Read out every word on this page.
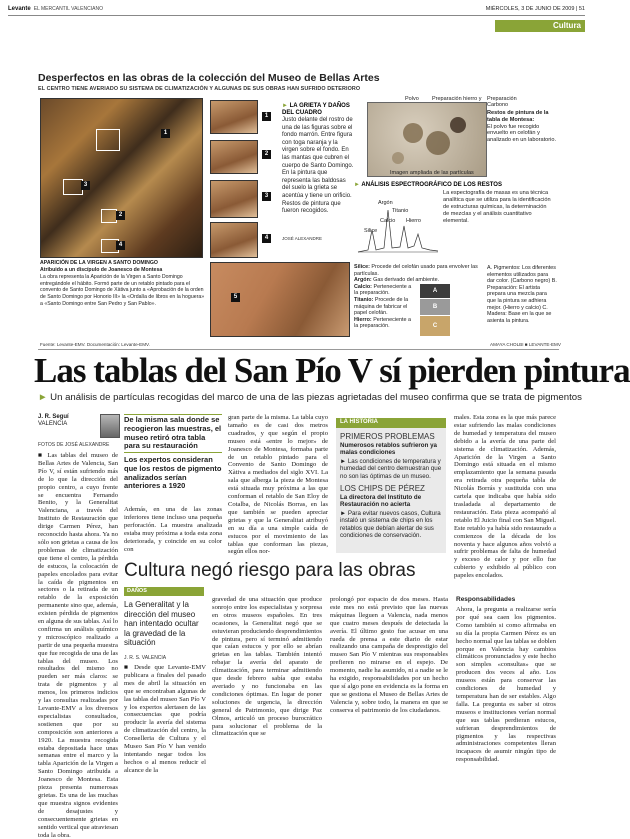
Levante EL MERCANTIL VALENCIANO	MIÉRCOLES, 3 DE JUNIO DE 2009 | 51
Cultura
Desperfectos en las obras de la colección del Museo de Bellas Artes
EL CENTRO TIENE AVERIADO SU SISTEMA DE CLIMATIZACIÓN Y ALGUNAS DE SUS OBRAS HAN SUFRIDO DETERIORO
1
3
2
4
APARICIÓN DE LA VIRGEN A SANTO DOMINGO
Atribuido a un discípulo de Joanesco de Montesa
La obra representa la Aparición de la Virgen a Santo Domingo entregándole el hábito. Formó parte de un retablo pintado para el convento de Santo Domingo de Xàtiva junto a «Aprobación de la orden de Santo Domingo por Honorio III» la «Ordalía de libros en la hoguera» a «Santo Domingo entre San Pedro y San Pablo».
1
2
3
4
► LA GRIETA Y DAÑOS
DEL CUADRO
Justo delante del rostro de una de las figuras sobre el fondo marrón. Entre figura con toga naranja y la virgen sobre el fondo. En las mantas que cubren el cuerpo de Santo Domingo. En la pintura que representa las baldosas del suelo la grieta se acentúa y tiene un orificio. Restos de pintura que fueron recogidos.
JOSÉ ALEXANDRE
Polvo Preparación hierro y Preparación Carbono
Imagen ampliada de las partículas
Restos de pintura de la tabla de Montesa:
El polvo fue recogido envuelto en celofán y analizado en un laboratorio.
► ANÁLISIS ESPECTROGRÁFICO DE LOS RESTOS
Argón
Titanio
Calcio Hierro
Silice
La espectografía de masas es una técnica analítica que se utiliza para la identificación de estructuras químicas, la determinación de mezclas y el análisis cuantitativo elemental.
5

Silice: Procede del celofán usado para envolver las partículas.

Argón: Gas derivado del ambiente.

Calcio: Perteneciente a la preparación.

Titanio: Procede de la máquina de fabricar el papel celofán.

Hierro: Perteneciente a la preparación.

A
B
C
A. Pigmentos: Los diferentes elementos utilizados para dar color. (Carbono negro) B. Preparación: El artista prepara una mezcla para que la pintura se adhiera mejor. (Hierro y calcio) C. Madera: Base en la que se asienta la pintura.
Fuente: Levante-EMV. Documentación: Levante-EMV.	AMAYA CHOLBI ■ LEVANTE-EMV
Las tablas del San Pío V sí pierden pintura
► Un análisis de partículas recogidas del marco de una de las piezas agrietadas del museo confirma que se trata de pigmentos
J. R. Seguí
VALENCIA
FOTOS DE JOSÉ ALEXANDRE
■ Las tablas del museo de Bellas Artes de Valencia, San Pío V, sí están sufriendo más de lo que la dirección del propio centro, a cuyo frente se encuentra Fernando Benito, y la Generalitat Valenciana, a través del Instituto de Restauración que dirige Carmen Pérez, han reconocido hasta ahora. Ya no sólo son grietas a causa de los problemas de climatización que tiene el centro, la pérdida de estucos, la colocación de papeles encolados para evitar la caída de pigmentos en sectores o la retirada de un retablo de la exposición permanente sino que, además, existen pérdida de pigmentos en alguna de sus tablas. Así lo confirma un análisis químico y microscópico realizado a partir de una pequeña muestra que fue recogida de una de las tablas del museo. Los resultados del mismo no pueden ser más claros: se trata de pigmentos y al menos, los primeros indicios y las consultas realizadas por Levante-EMV a los diversos especialistas consultados, sostienen que por su composición son anteriores a 1920. La muestra recogida estaba depositada hace unas semanas entre el marco y la tabla Aparición de la Virgen a Santo Domingo atribuida a Joanesco de Montesa. Esta pieza presenta numerosas grietas. Es una de las muchas que muestra signos evidentes de desajustes y consecuentemente grietas en sentido vertical que atraviesan toda la obra.
De la misma sala donde se recogieron las muestras, el museo retiró otra tabla para su restauración
Los expertos consideran que los restos de pigmento analizados serían anteriores a 1920
Además, en una de las zonas inferiores tiene incluso una pequeña perforación. La muestra analizada estaba muy próxima a toda esta zona deteriorada, y coincide en su color con
gran parte de la misma. La tabla cuyo tamaño es de casi dos metros cuadrados, y que según el propio museo está «entre lo mejor» de Joanesco de Montesa, formaba parte de un retablo pintado para el Convento de Santo Domingo de Xàtiva a mediados del siglo XVI. La sala que alberga la pieza de Montesa está situada muy próxima a las que conforman el retablo de San Eloy de Cotalba, de Nicolás Borras, en las que también se pueden apreciar grietas y que la Generalitat atribuyó en su día a una simple caída de estucos por el movimiento de las tablas que conforman las piezas, según ellos nor-
LA HISTORIA
PRIMEROS PROBLEMAS
Numerosos retablos sufrieron ya malas condiciones
► Las condiciones de temperatura y humedad del centro demuestran que no son las óptimas de un museo.
LOS CHIPS DE PÉREZ
La directora del Instituto de Restauración no acierta
► Para evitar nuevos casos, Cultura instaló un sistema de chips en los retablos que debían alertar de sus condiciones de conservación.
males. Esta zona es la que más parece estar sufriendo las malas condiciones de humedad y temperatura del museo debido a la avería de una parte del sistema de climatización. Además, Aparición de la Virgen a Santo Domingo está situada en el mismo emplazamiento que la semana pasada era retirada otra pequeña tabla de Nicolás Borrás y sustituida con una cartela que indicaba que había sido trasladada al departamento de restauración. Esta pieza acompañó al retablo El Juicio final con San Miguel. Este retablo ya había sido restaurado a comienzos de la década de los noventa y hace algunos años volvió a sufrir problemas de falta de humedad y exceso de calor y por ello fue cubierto y exhibido al público con papeles encolados.
Cultura negó riesgo para las obras
DAÑOS
La Generalitat y la dirección del museo han intentado ocultar la gravedad de la situación
J. R. S. VALENCIA
■ Desde que Levante-EMV publicara a finales del pasado mes de abril la situación en que se encontraban algunas de las tablas del museo San Pío V y los expertos alertasen de las consecuencias que podría producir la avería del sistema de climatización del centro, la Conselleria de Cultura y el Museo San Pío V han venido intentando negar todos los hechos o al menos reducir el alcance de la
gravedad de una situación que produce sonrojo entre los especialistas y sorpresa en otros museos españoles. En tres ocasiones, la Generalitat negó que se estuvieran produciendo desprendimientos de pintura, pero sí terminó admitiendo que caían estucos y por ello se abrían grietas en las tablas. También intentó rebajar la avería del aparato de climatización, para terminar admitiendo que desde febrero sabía que estaba averiado y no funcionaba en las condiciones óptimas. En lugar de poner soluciones de urgencia, la dirección general de Patrimonio, que dirige Paz Olmos, articuló un proceso burocrático para solucionar el problema de la climatización que se
prolongó por espacio de dos meses. Hasta este mes no está previsto que las nuevas máquinas lleguen a Valencia, nada menos que cuatro meses después de detectada la avería. El último gesto fue acusar en una rueda de prensa a este diario de estar realizando una campaña de desprestigio del museo San Pío V mientras sus responsables prefieren no mirarse en el espejo. De momento, nadie ha asumido, ni a nadie se le ha exigido, responsabilidades por un hecho que sí algo pone en evidencia es la forma en que se gestiona el Museo de Bellas Artes de Valencia y, sobre todo, la manera en que se conserva el patrimonio de los ciudadanos.
Responsabilidades
Ahora, la pregunta a realizarse sería por qué sea caen los pigmentos. Como también si como afirmaba en su día la propia Carmen Pérez es un hecho normal que las tablas se doblen porque en Valencia hay cambios climáticos pronunciados y este hecho son simples «consultas» que se producen dos veces al año. Los museos están para conservar las condiciones de humedad y temperatura han de ser estables. Algo falla. La pregunta es saber si otros museos e instituciones verían normal que sus tablas perdieran estucos, sufrieran desprendimientos de pigmentos y las respectivas administraciones competentes lleran incapaces de asumir ningún tipo de responsabilidad.
